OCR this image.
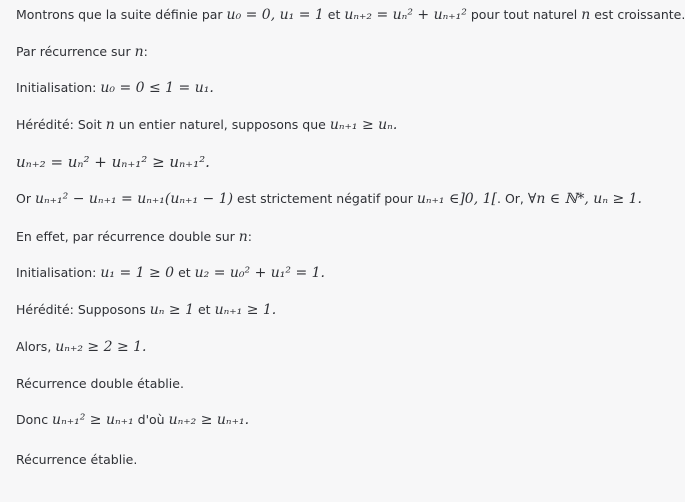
Montrons que la suite définie par u₀ = 0, u₁ = 1 et uₙ₊₂ = uₙ² + uₙ₊₁² pour tout naturel n est croissante.
Par récurrence sur n:
Initialisation: u₀ = 0 ≤ 1 = u₁.
Hérédité: Soit n un entier naturel, supposons que uₙ₊₁ ≥ uₙ.
uₙ₊₂ = uₙ² + uₙ₊₁² ≥ uₙ₊₁².
Or uₙ₊₁² − uₙ₊₁ = uₙ₊₁(uₙ₊₁ − 1) est strictement négatif pour uₙ₊₁ ∈]0, 1[. Or, ∀n ∈ ℕ*, uₙ ≥ 1.
En effet, par récurrence double sur n:
Initialisation: u₁ = 1 ≥ 0 et u₂ = u₀² + u₁² = 1.
Hérédité: Supposons uₙ ≥ 1 et uₙ₊₁ ≥ 1.
Alors, uₙ₊₂ ≥ 2 ≥ 1.
Récurrence double établie.
Donc uₙ₊₁² ≥ uₙ₊₁ d'où uₙ₊₂ ≥ uₙ₊₁.
Récurrence établie.
